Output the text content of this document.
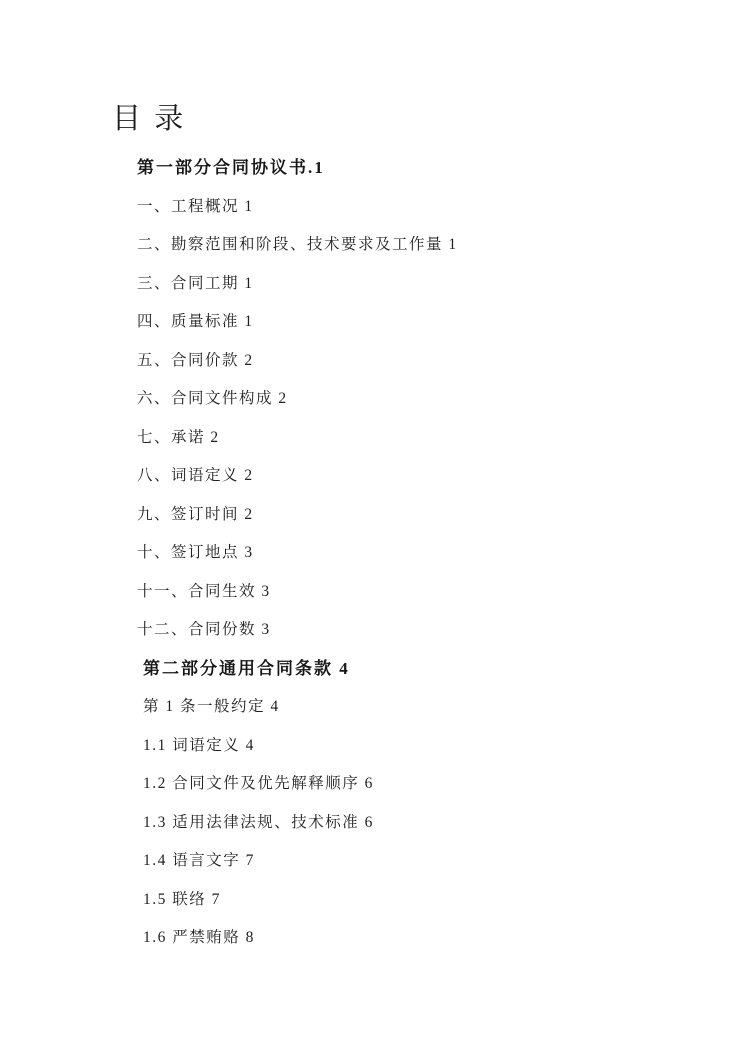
目 录
第一部分合同协议书.1
一、工程概况 1
二、勘察范围和阶段、技术要求及工作量 1
三、合同工期 1
四、质量标准 1
五、合同价款 2
六、合同文件构成 2
七、承诺 2
八、词语定义 2
九、签订时间 2
十、签订地点 3
十一、合同生效 3
十二、合同份数 3
第二部分通用合同条款 4
第 1 条一般约定 4
1.1 词语定义 4
1.2 合同文件及优先解释顺序 6
1.3 适用法律法规、技术标准 6
1.4 语言文字 7
1.5 联络 7
1.6 严禁贿赂 8
